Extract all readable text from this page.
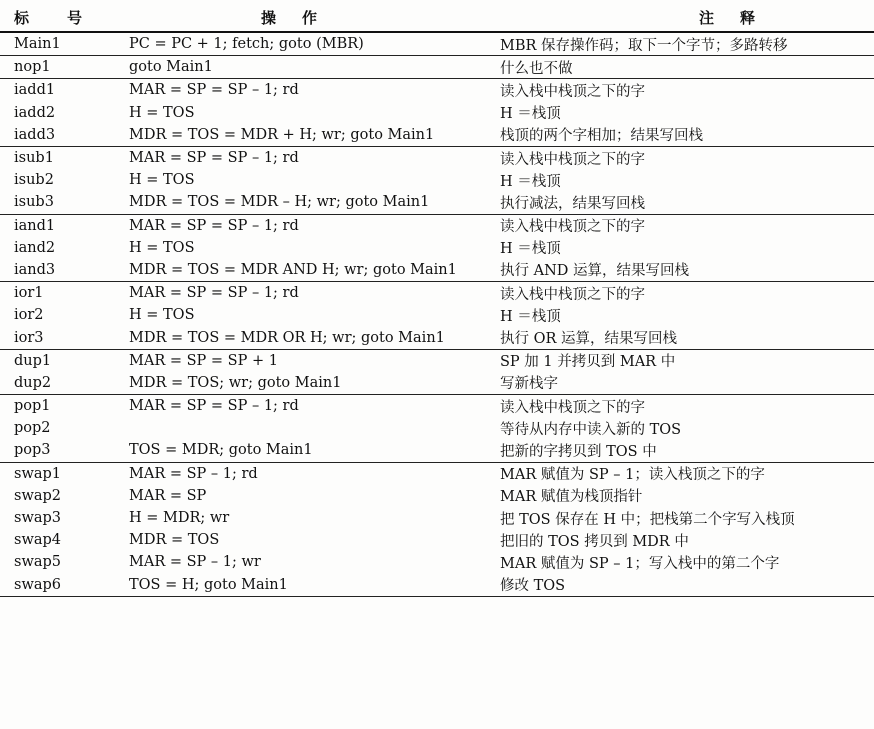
标 号	操 作	注 释
Main1	PC = PC + 1; fetch; goto (MBR)	MBR 保存操作码；取下一个字节；多路转移
nop1	goto Main1	什么也不做
iadd1	MAR = SP = SP – 1; rd	读入栈中栈顶之下的字
iadd2	H = TOS	H ＝栈顶
iadd3	MDR = TOS = MDR + H; wr; goto Main1	栈顶的两个字相加；结果写回栈
isub1	MAR = SP = SP – 1; rd	读入栈中栈顶之下的字
isub2	H = TOS	H ＝栈顶
isub3	MDR = TOS = MDR – H; wr; goto Main1	执行减法，结果写回栈
iand1	MAR = SP = SP – 1; rd	读入栈中栈顶之下的字
iand2	H = TOS	H ＝栈顶
iand3	MDR = TOS = MDR AND H; wr; goto Main1	执行 AND 运算，结果写回栈
ior1	MAR = SP = SP – 1; rd	读入栈中栈顶之下的字
ior2	H = TOS	H ＝栈顶
ior3	MDR = TOS = MDR OR H; wr; goto Main1	执行 OR 运算，结果写回栈
dup1	MAR = SP = SP + 1	SP 加 1 并拷贝到 MAR 中
dup2	MDR = TOS; wr; goto Main1	写新栈字
pop1	MAR = SP = SP – 1; rd	读入栈中栈顶之下的字
pop2		等待从内存中读入新的 TOS
pop3	TOS = MDR; goto Main1	把新的字拷贝到 TOS 中
swap1	MAR = SP – 1; rd	MAR 赋值为 SP – 1；读入栈顶之下的字
swap2	MAR = SP	MAR 赋值为栈顶指针
swap3	H = MDR; wr	把 TOS 保存在 H 中；把栈第二个字写入栈顶
swap4	MDR = TOS	把旧的 TOS 拷贝到 MDR 中
swap5	MAR = SP – 1; wr	MAR 赋值为 SP – 1；写入栈中的第二个字
swap6	TOS = H; goto Main1	修改 TOS
